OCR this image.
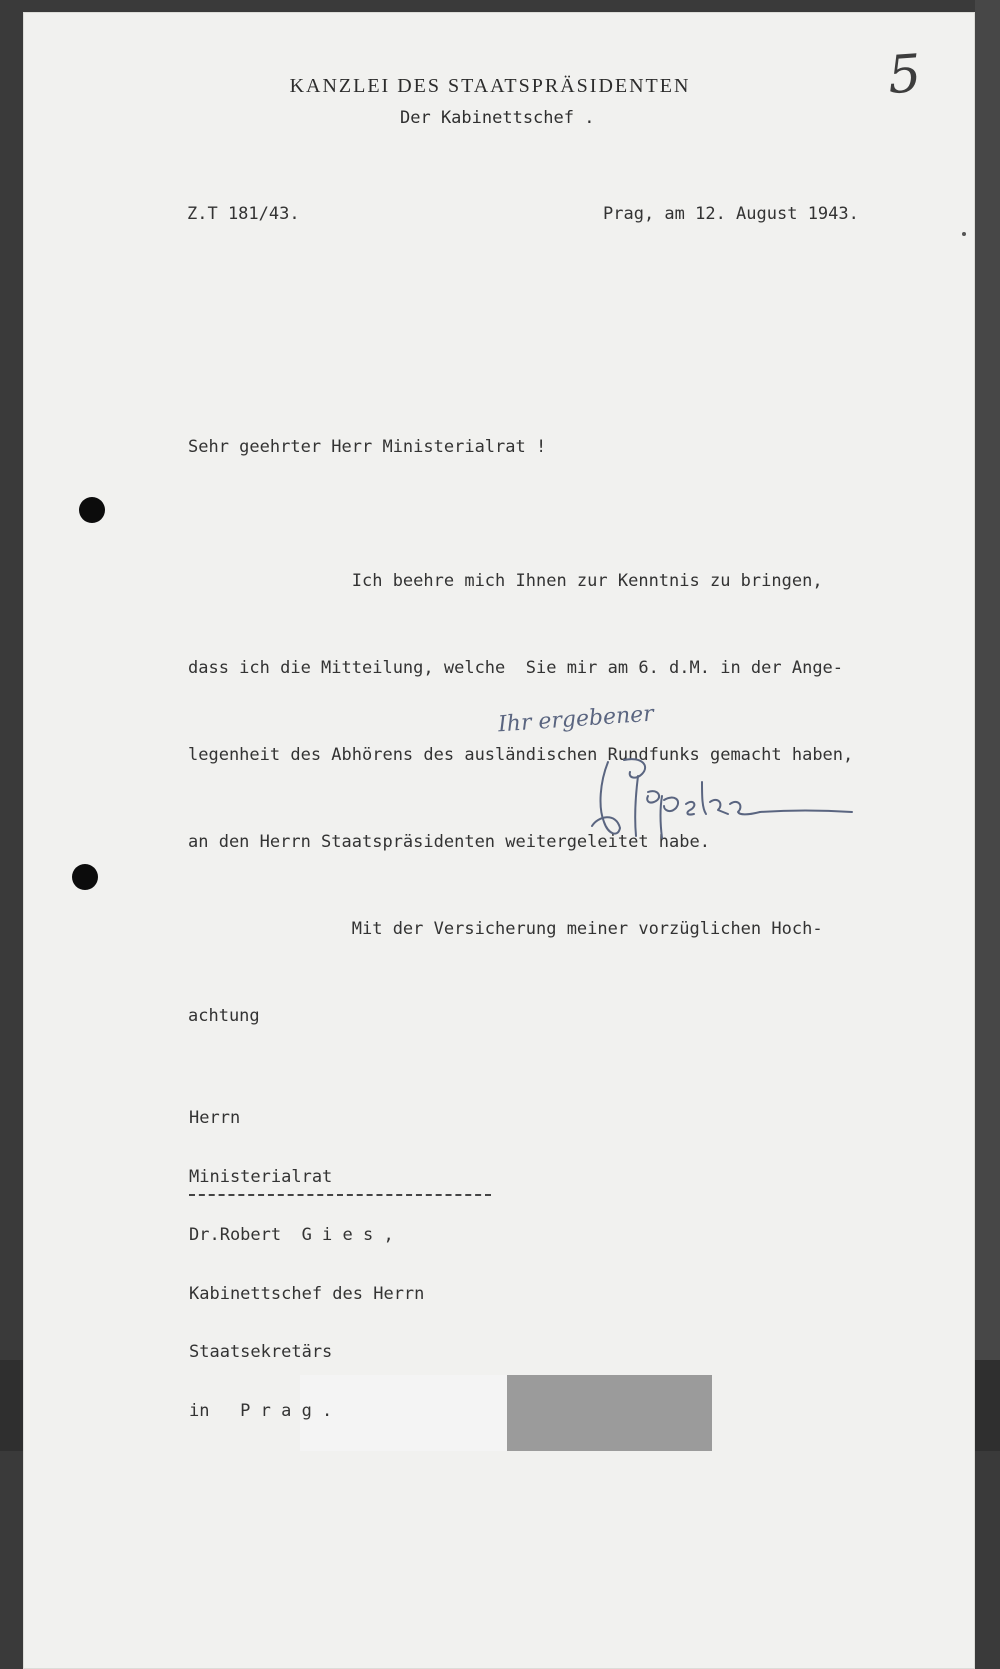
5
KANZLEI DES STAATSPRÄSIDENTEN
Der Kabinettschef .
Z.T 181/43.	Prag, am 12. August 1943.
Sehr geehrter Herr Ministerialrat !

Ich beehre mich Ihnen zur Kenntnis zu bringen,

dass ich die Mitteilung, welche  Sie mir am 6. d.M. in der Ange-

legenheit des Abhörens des ausländischen Rundfunks gemacht haben,

an den Herrn Staatspräsidenten weitergeleitet habe.

Mit der Versicherung meiner vorzüglichen Hoch-

achtung

Ihr ergebener

Herrn

Ministerialrat

Dr.Robert  G i e s ,

Kabinettschef des Herrn

Staatsekretärs

in   P r a g .
